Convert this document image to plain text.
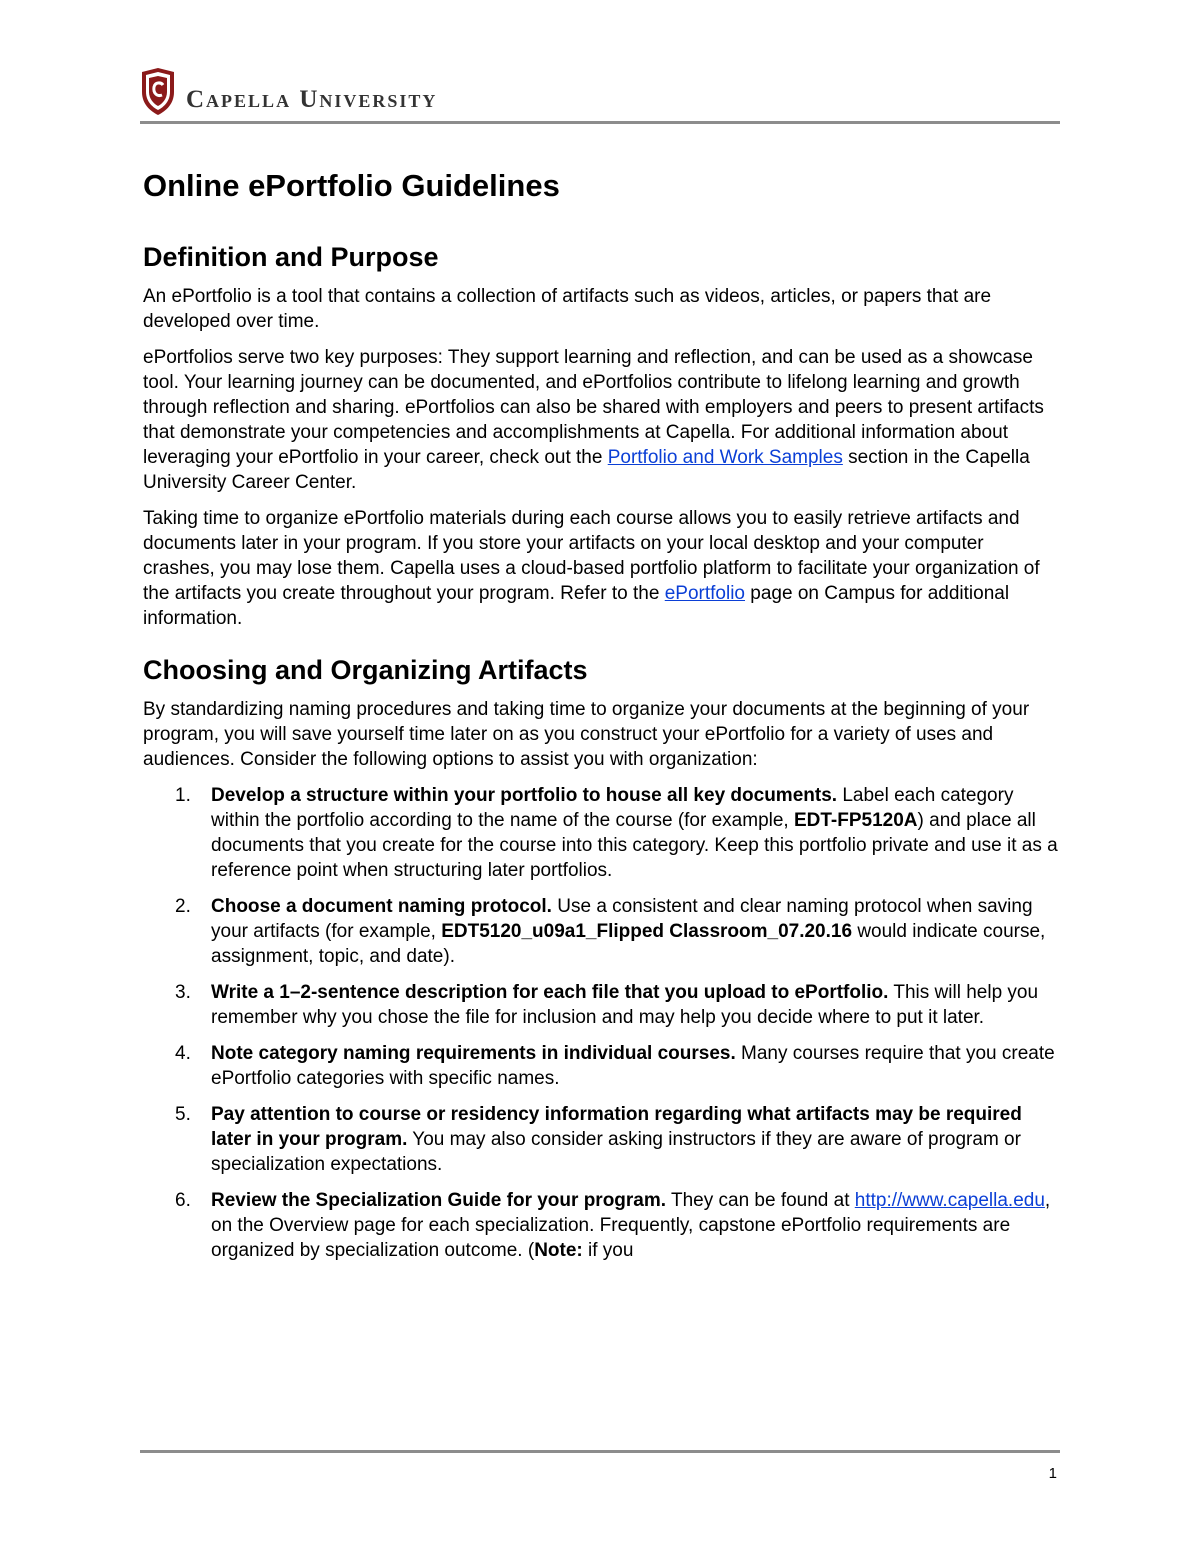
Capella University
Online ePortfolio Guidelines
Definition and Purpose

An ePortfolio is a tool that contains a collection of artifacts such as videos, articles, or papers that are developed over time.

ePortfolios serve two key purposes: They support learning and reflection, and can be used as a showcase tool. Your learning journey can be documented, and ePortfolios contribute to lifelong learning and growth through reflection and sharing. ePortfolios can also be shared with employers and peers to present artifacts that demonstrate your competencies and accomplishments at Capella. For additional information about leveraging your ePortfolio in your career, check out the Portfolio and Work Samples section in the Capella University Career Center.

Taking time to organize ePortfolio materials during each course allows you to easily retrieve artifacts and documents later in your program. If you store your artifacts on your local desktop and your computer crashes, you may lose them. Capella uses a cloud-based portfolio platform to facilitate your organization of the artifacts you create throughout your program. Refer to the ePortfolio page on Campus for additional information.

Choosing and Organizing Artifacts

By standardizing naming procedures and taking time to organize your documents at the beginning of your program, you will save yourself time later on as you construct your ePortfolio for a variety of uses and audiences. Consider the following options to assist you with organization:

1. Develop a structure within your portfolio to house all key documents. Label each category within the portfolio according to the name of the course (for example, EDT-FP5120A) and place all documents that you create for the course into this category. Keep this portfolio private and use it as a reference point when structuring later portfolios.
2. Choose a document naming protocol. Use a consistent and clear naming protocol when saving your artifacts (for example, EDT5120_u09a1_Flipped Classroom_07.20.16 would indicate course, assignment, topic, and date).
3. Write a 1–2-sentence description for each file that you upload to ePortfolio. This will help you remember why you chose the file for inclusion and may help you decide where to put it later.
4. Note category naming requirements in individual courses. Many courses require that you create ePortfolio categories with specific names.
5. Pay attention to course or residency information regarding what artifacts may be required later in your program. You may also consider asking instructors if they are aware of program or specialization expectations.
6. Review the Specialization Guide for your program. They can be found at http://www.capella.edu, on the Overview page for each specialization. Frequently, capstone ePortfolio requirements are organized by specialization outcome. (Note: if you
1
